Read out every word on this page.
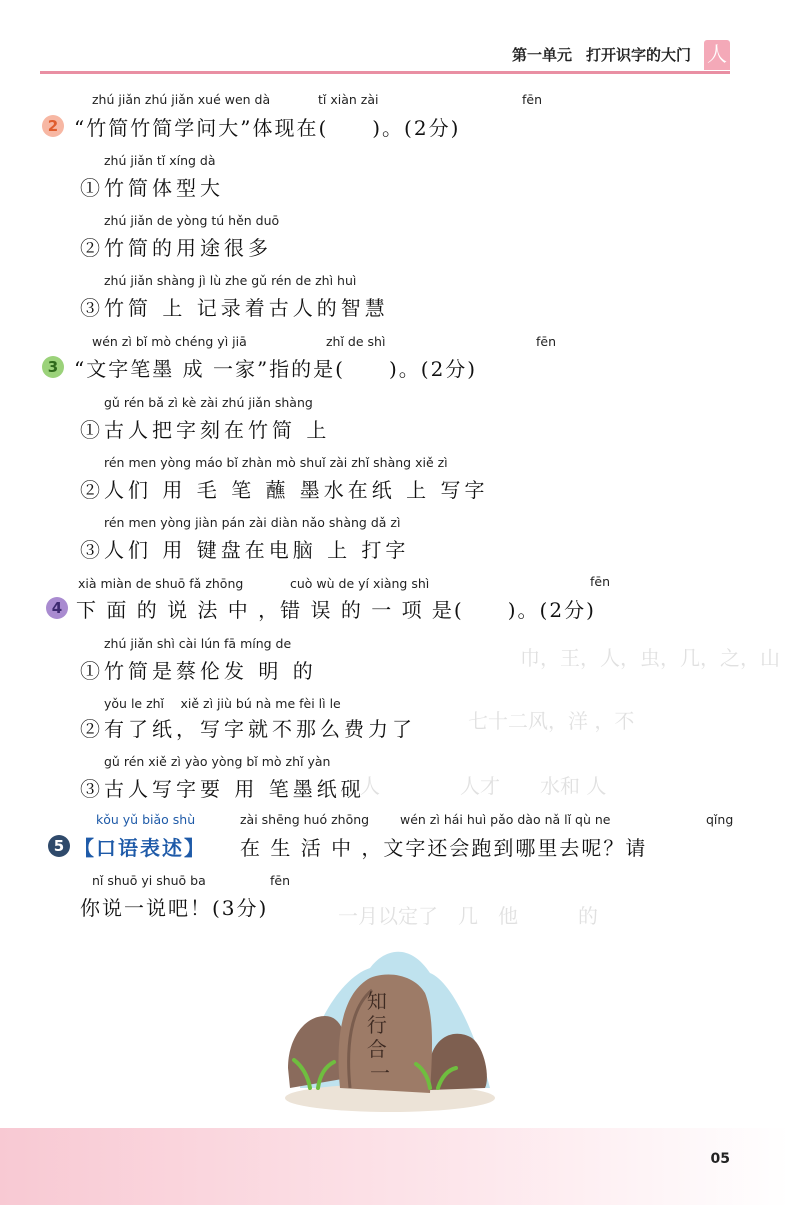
第一单元 打开识字的大门 人
巾，王，人，虫，几，之，山
七十二风，洋 ，不
人　　　　人才　　水和 人
一月以定了　几　他　　　的
zhú jiǎn zhú jiǎn xué wen dà	tǐ xiàn zài	fēn
2 “竹简竹简学问大”体现在(　　)。(2分)
zhú jiǎn tǐ xíng dà
①竹简体型大
zhú jiǎn de yòng tú hěn duō
②竹简的用途很多
zhú jiǎn shàng jì lù zhe gǔ rén de zhì huì
③竹简 上 记录着古人的智慧
wén zì bǐ mò chéng yì jiā	zhǐ de shì	fēn
3 “文字笔墨 成 一家”指的是(　　)。(2分)
gǔ rén bǎ zì kè zài zhú jiǎn shàng
①古人把字刻在竹简 上
rén men yòng máo bǐ zhàn mò shuǐ zài zhǐ shàng xiě zì
②人们 用 毛 笔 蘸 墨水在纸 上 写字
rén men yòng jiàn pán zài diàn nǎo shàng dǎ zì
③人们 用 键盘在电脑 上 打字
xià miàn de shuō fǎ zhōng	cuò wù de yí xiàng shì	fēn
4 下 面 的 说 法 中 ，错 误 的 一 项 是(　　)。(2分)
zhú jiǎn shì cài lún fā míng de
①竹简是蔡伦发 明 的
yǒu le zhǐ　 xiě zì jiù bú nà me fèi lì le
②有了纸，写字就不那么费力了
gǔ rén xiě zì yào yòng bǐ mò zhǐ yàn
③古人写字要 用 笔墨纸砚
kǒu yǔ biǎo shù	zài shēng huó zhōng wén zì hái huì pǎo dào nǎ lǐ qù ne	qǐng
5 【口语表述】 在 生 活 中 ，文字还会跑到哪里去呢？请
nǐ shuō yi shuō ba	fēn
你说一说吧！(3分)
知 行 合 一
05
